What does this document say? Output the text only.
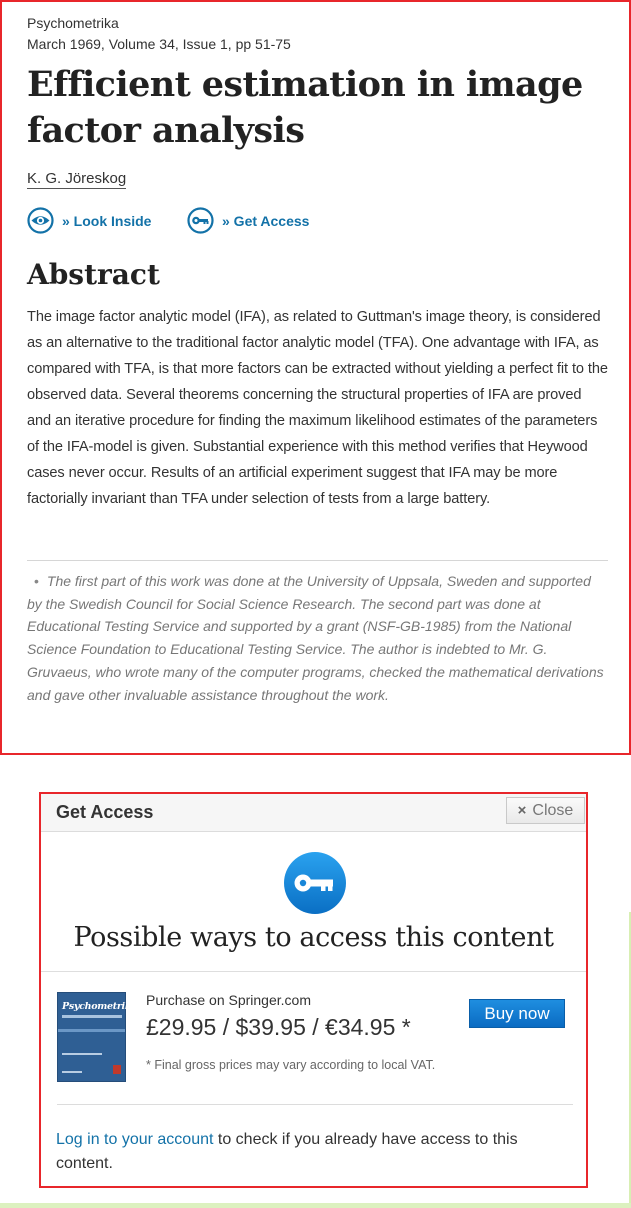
Psychometrika
March 1969, Volume 34, Issue 1, pp 51-75
Efficient estimation in image factor analysis
K. G. Jöreskog
» Look Inside	» Get Access
Abstract

The image factor analytic model (IFA), as related to Guttman's image theory, is considered as an alternative to the traditional factor analytic model (TFA). One advantage with IFA, as compared with TFA, is that more factors can be extracted without yielding a perfect fit to the observed data. Several theorems concerning the structural properties of IFA are proved and an iterative procedure for finding the maximum likelihood estimates of the parameters of the IFA-model is given. Substantial experience with this method verifies that Heywood cases never occur. Results of an artificial experiment suggest that IFA may be more factorially invariant than TFA under selection of tests from a large battery.

• The first part of this work was done at the University of Uppsala, Sweden and supported by the Swedish Council for Social Science Research. The second part was done at Educational Testing Service and supported by a grant (NSF-GB-1985) from the National Science Foundation to Educational Testing Service. The author is indebted to Mr. G. Gruvaeus, who wrote many of the computer programs, checked the mathematical derivations and gave other invaluable assistance throughout the work.

Get Access	× Close
Possible ways to access this content
Psychometrika Purchase on Springer.com
£29.95 / $39.95 / €34.95 *
Buy now
* Final gross prices may vary according to local VAT.

Log in to your account to check if you already have access to this content.
